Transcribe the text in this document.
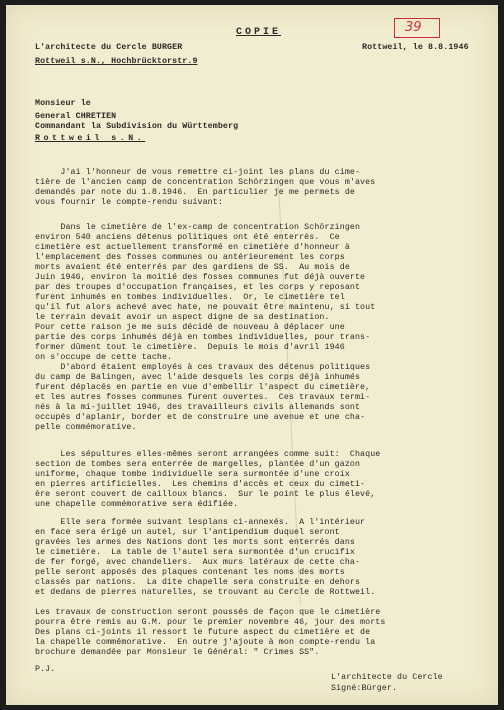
COPIE	39
L'architecte du Cercle BURGER
Rottweil s.N., Hochbrücktorstr.9
Rottweil, le 8.8.1946
Monsieur le
General CHRETIEN
Commandant la Subdivision du Württemberg
Rottweil s.N.
J'ai l'honneur de vous remettre ci-joint les plans du cime-
tière de l'ancien camp de concentration Schörzingen que vous m'aves
demandés par note du 1.8.1946.  En particulier je me permets de
vous fournir le compte-rendu suivant:
Dans le cimetière de l'ex-camp de concentration Schörzingen
environ 540 anciens détenus politiques ont été enterrés.  Ce
cimetière est actuellement transformé en cimetière d'honneur à
l'emplacement des fosses communes ou antérieurement les corps
morts avaient été enterrés par des gardiens de SS.  Au mois de
Juin 1946, environ la moitié des fosses communes fut déjà ouverte
par des troupes d'occupation françaises, et les corps y reposant
furent inhumés en tombes individuelles.  Or, le cimetière tel
qu'il fut alors achevé avec hate, ne pouvait être maintenu, si tout
le terrain devait avoir un aspect digne de sa destination.
Pour cette raison je me suis décidé de nouveau à déplacer une
partie des corps inhumés déjà en tombes individuelles, pour trans-
former dûment tout le cimetière.  Depuis le mois d'avril 1946
on s'occupe de cette tache.
D'abord étaient employés à ces travaux des détenus politiques
du camp de Balingen, avec l'aide desquels les corps déjà inhumés
furent déplacés en partie en vue d'embellir l'aspect du cimetière,
et les autres fosses communes furent ouvertes.  Ces travaux termi-
nés à la mi-juillet 1946, des travailleurs civils allemands sont
occupés d'aplanir, border et de construire une avenue et une cha-
pelle commémorative.
Les sépultures elles-mêmes seront arrangées comme suit:  Chaque
section de tombes sera enterrée de margelles, plantée d'un gazon
uniforme, chaque tombe individuelle sera surmontée d'une croix
en pierres artificielles.  Les chemins d'accès et ceux du cimeti-
ère seront couvert de cailloux blancs.  Sur le point le plus élevé,
une chapelle commémorative sera édifiée.
Elle sera formée suivant lesplans ci-annexés.  A l'intérieur
en face sera érigé un autel, sur l'antipendium duquel seront
gravées les armes des Nations dont les morts sont enterrés dans
le cimetière.  La table de l'autel sera surmontée d'un crucifix
de fer forgé, avec chandeliers.  Aux murs latéraux de cette cha-
pelle seront apposés des plaques contenant les noms des morts
classés par nations.  La dite chapelle sera construite en dehors
et dedans de pierres naturelles, se trouvant au Cercle de Rottweil.
Les travaux de construction seront poussés de façon que le cimetière
pourra être remis au G.M. pour le premier novembre 46, jour des morts
Des plans ci-joints il ressort le future aspect du cimetière et de
la chapelle commémorative.  En outre j'ajoute à mon compte-rendu la
brochure demandée par Monsieur le Général: " Crimes SS".
P.J.
L'architecte du Cercle
Signé:Bürger.
